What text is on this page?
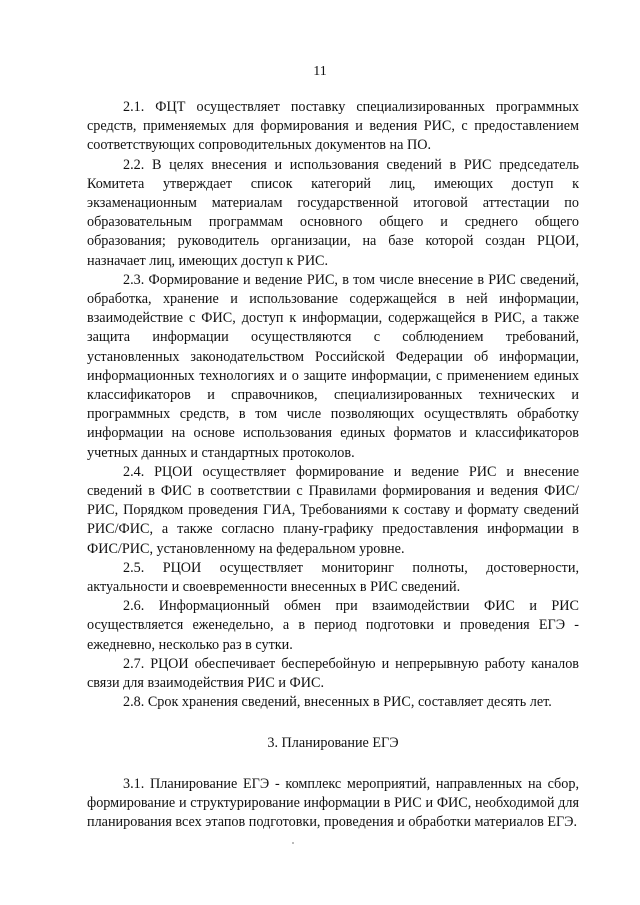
11

2.1. ФЦТ осуществляет поставку специализированных программных средств, применяемых для формирования и ведения РИС, с предоставлением соответствующих сопроводительных документов на ПО.

2.2. В целях внесения и использования сведений в РИС председатель Комитета утверждает список категорий лиц, имеющих доступ к экзаменационным материалам государственной итоговой аттестации по образовательным программам основного общего и среднего общего образования; руководитель организации, на базе которой создан РЦОИ, назначает лиц, имеющих доступ к РИС.

2.3. Формирование и ведение РИС, в том числе внесение в РИС сведений, обработка, хранение и использование содержащейся в ней информации, взаимодействие с ФИС, доступ к информации, содержащейся в РИС, а также защита информации осуществляются с соблюдением требований, установленных законодательством Российской Федерации об информации, информационных технологиях и о защите информации, с применением единых классификаторов и справочников, специализированных технических и программных средств, в том числе позволяющих осуществлять обработку информации на основе использования единых форматов и классификаторов учетных данных и стандартных протоколов.

2.4. РЦОИ осуществляет формирование и ведение РИС и внесение сведений в ФИС в соответствии с Правилами формирования и ведения ФИС/РИС, Порядком проведения ГИА, Требованиями к составу и формату сведений РИС/ФИС, а также согласно плану-графику предоставления информации в ФИС/РИС, установленному на федеральном уровне.

2.5. РЦОИ осуществляет мониторинг полноты, достоверности, актуальности и своевременности внесенных в РИС сведений.

2.6. Информационный обмен при взаимодействии ФИС и РИС осуществляется еженедельно, а в период подготовки и проведения ЕГЭ - ежедневно, несколько раз в сутки.

2.7. РЦОИ обеспечивает бесперебойную и непрерывную работу каналов связи для взаимодействия РИС и ФИС.

2.8. Срок хранения сведений, внесенных в РИС, составляет десять лет.

3. Планирование ЕГЭ

3.1. Планирование ЕГЭ - комплекс мероприятий, направленных на сбор, формирование и структурирование информации в РИС и ФИС, необходимой для планирования всех этапов подготовки, проведения и обработки материалов ЕГЭ.
